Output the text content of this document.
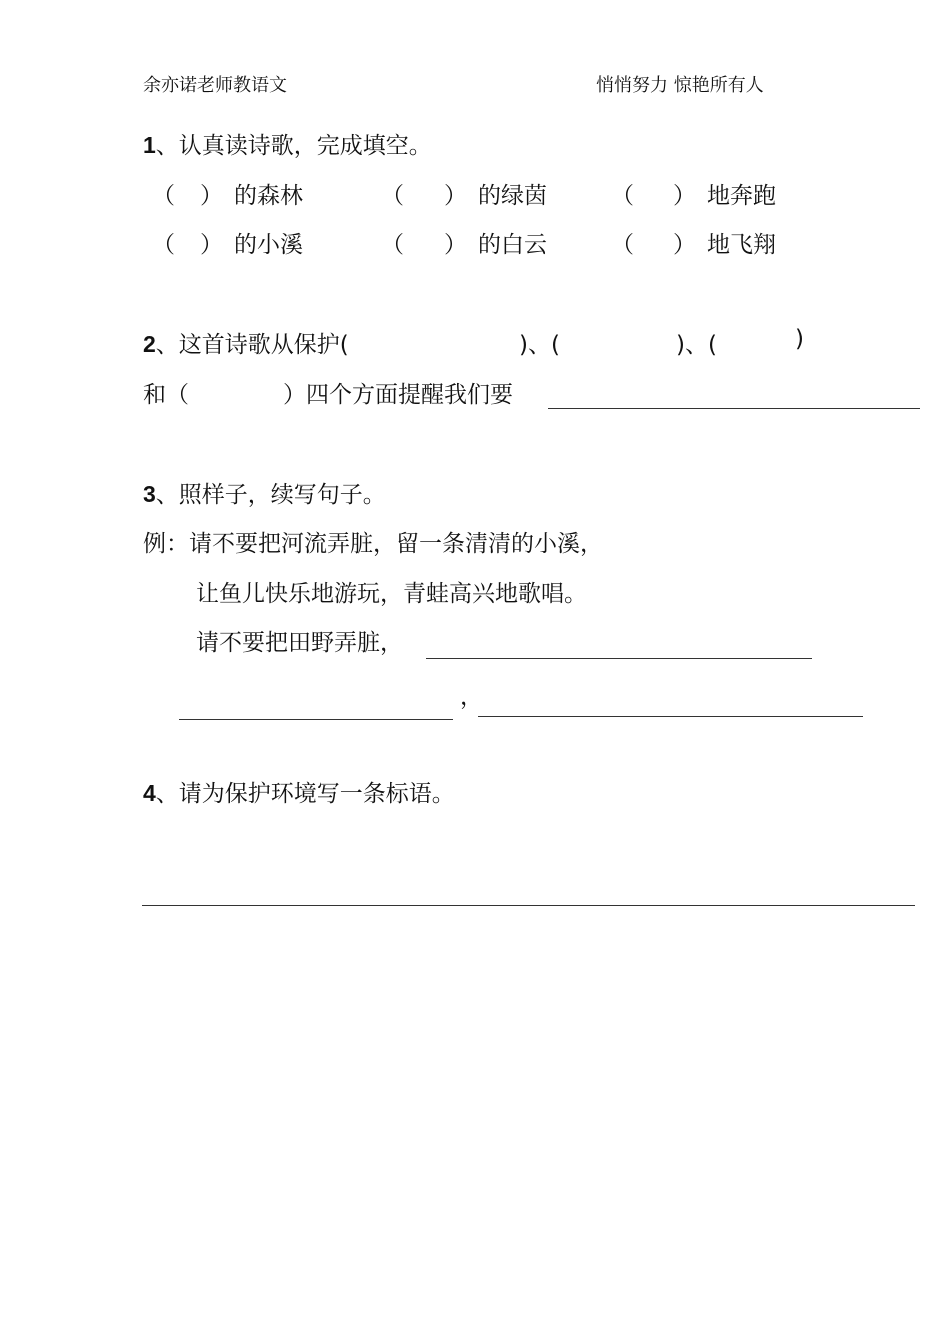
余亦诺老师教语文	悄悄努力 惊艳所有人
1、认真读诗歌，完成填空。
（ ） 的森林	（ ） 的绿茵	（ ） 地奔跑
（ ） 的小溪	（ ） 的白云	（ ） 地飞翔
2、这首诗歌从保护(	)、(	)、(	)
和（	）四个方面提醒我们要
3、照样子，续写句子。
例：请不要把河流弄脏，留一条清清的小溪，
让鱼儿快乐地游玩，青蛙高兴地歌唱。
请不要把田野弄脏，
，
4、请为保护环境写一条标语。
